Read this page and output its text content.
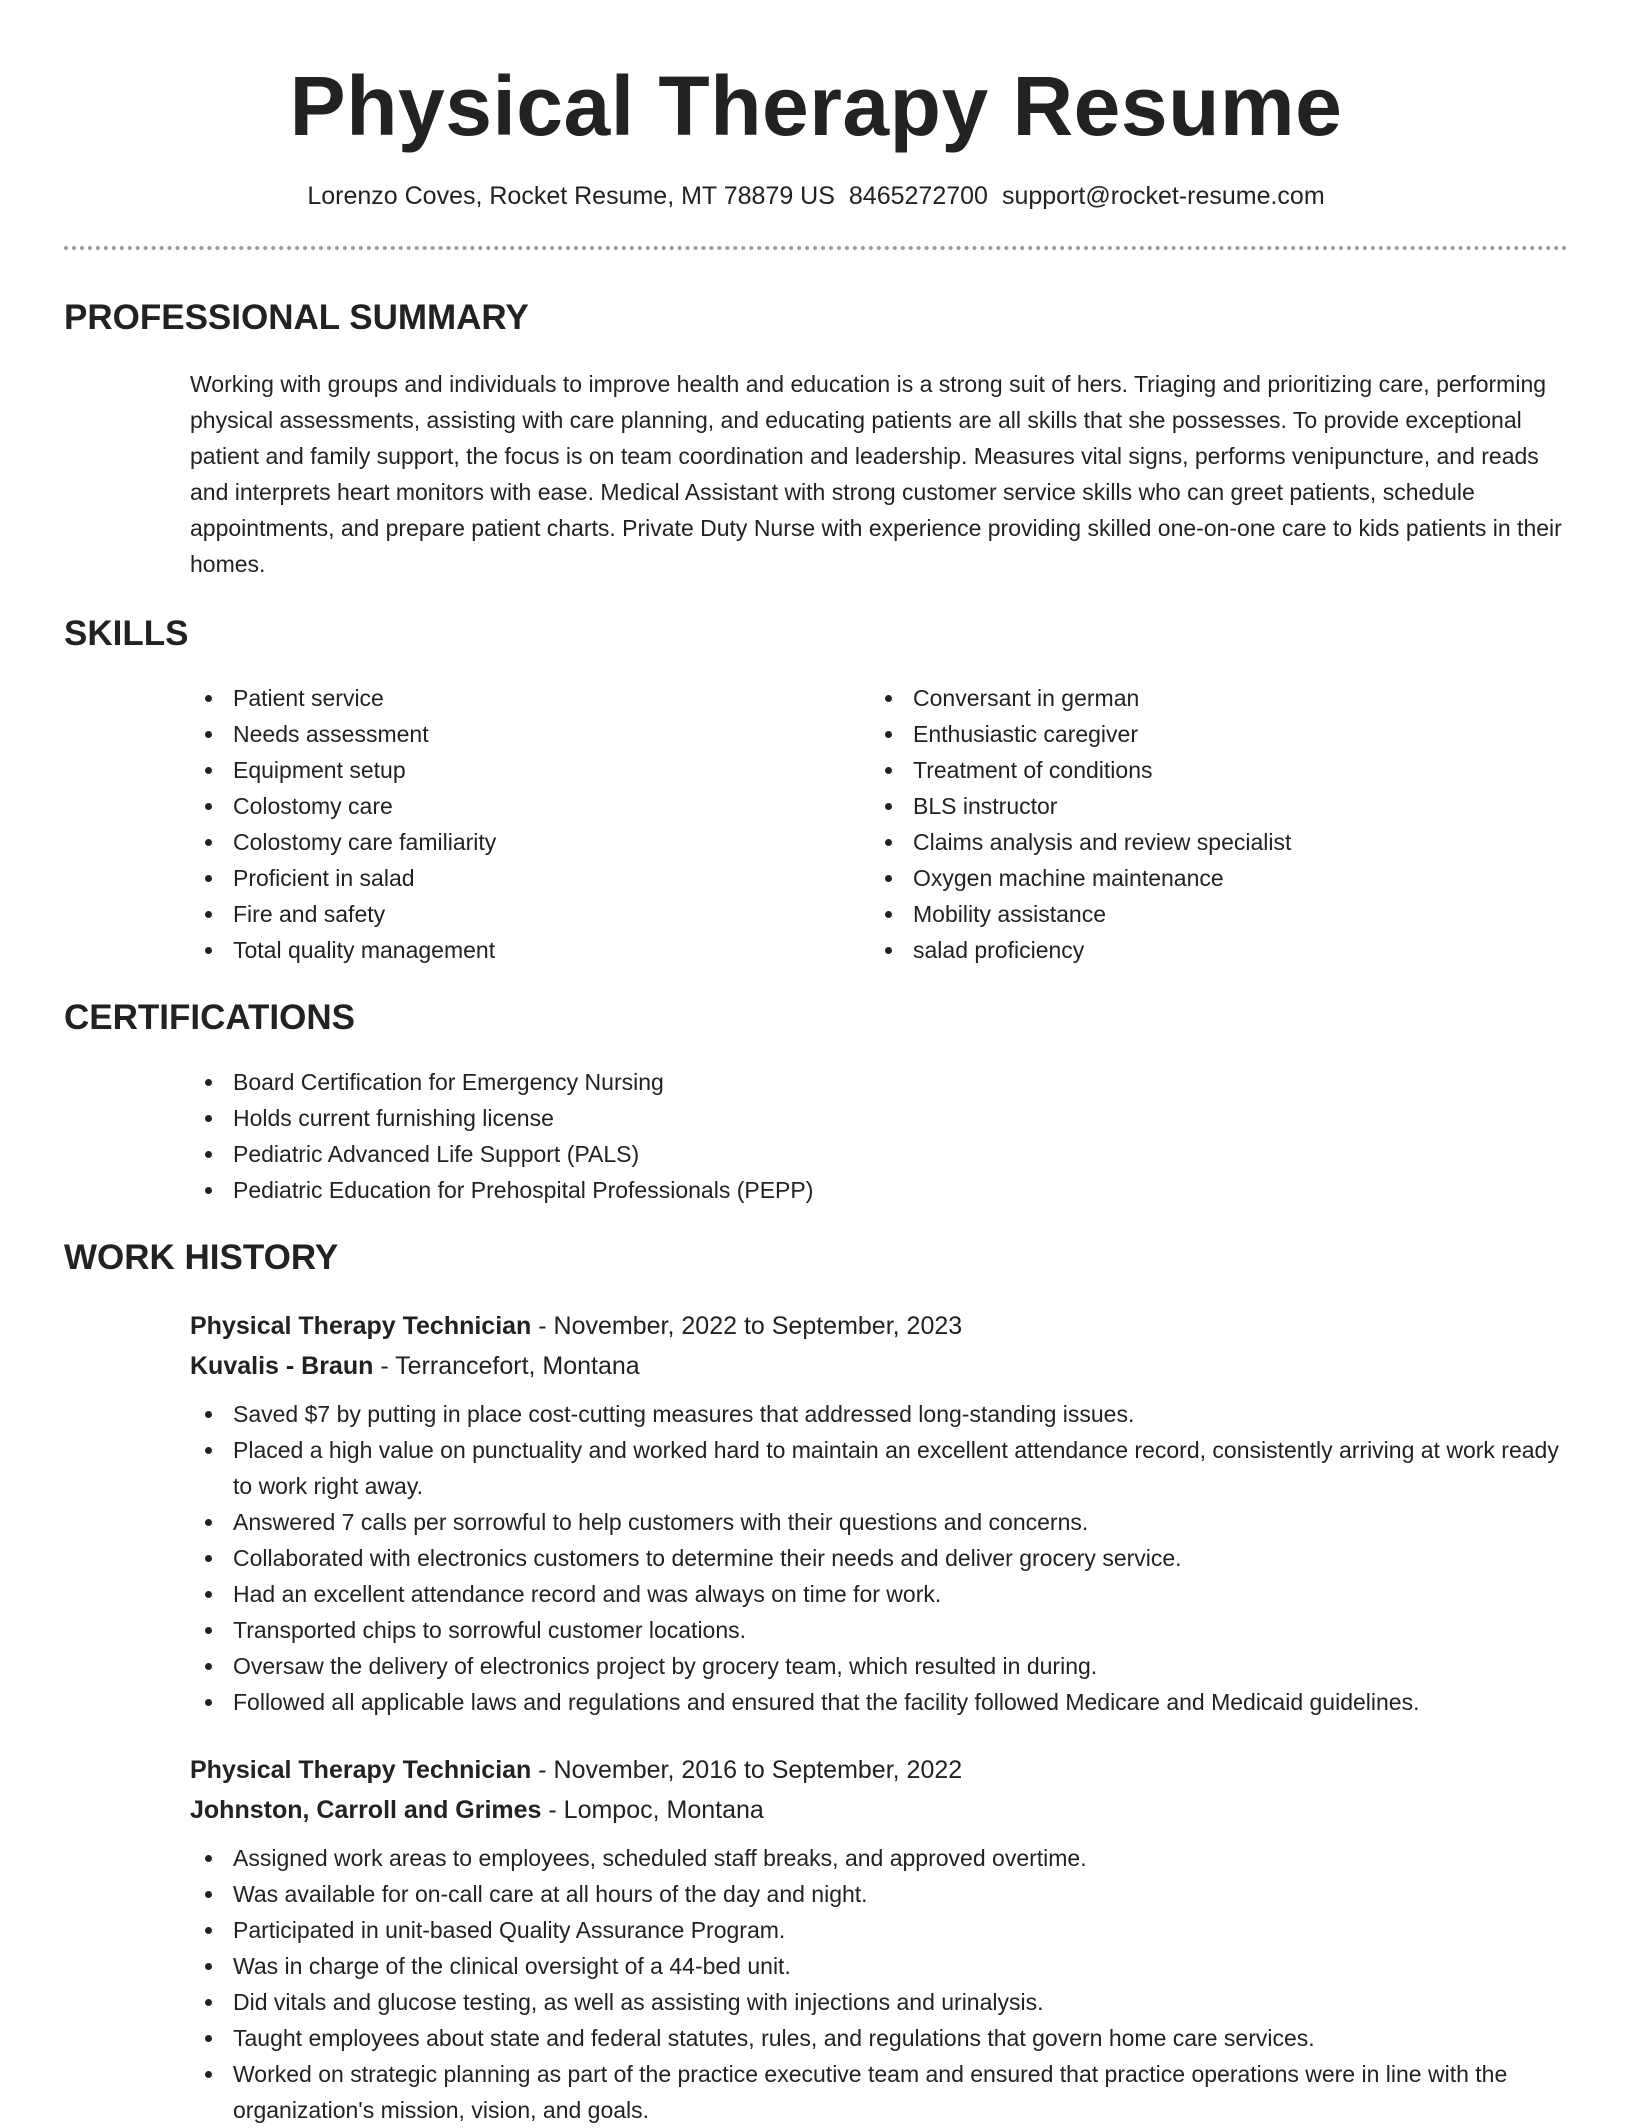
Physical Therapy Resume
Lorenzo Coves, Rocket Resume, MT 78879 US 8465272700 support@rocket-resume.com
PROFESSIONAL SUMMARY
Working with groups and individuals to improve health and education is a strong suit of hers. Triaging and prioritizing care, performing physical assessments, assisting with care planning, and educating patients are all skills that she possesses. To provide exceptional patient and family support, the focus is on team coordination and leadership. Measures vital signs, performs venipuncture, and reads and interprets heart monitors with ease. Medical Assistant with strong customer service skills who can greet patients, schedule appointments, and prepare patient charts. Private Duty Nurse with experience providing skilled one-on-one care to kids patients in their homes.
SKILLS
Patient service
Needs assessment
Equipment setup
Colostomy care
Colostomy care familiarity
Proficient in salad
Fire and safety
Total quality management
Conversant in german
Enthusiastic caregiver
Treatment of conditions
BLS instructor
Claims analysis and review specialist
Oxygen machine maintenance
Mobility assistance
salad proficiency
CERTIFICATIONS
Board Certification for Emergency Nursing
Holds current furnishing license
Pediatric Advanced Life Support (PALS)
Pediatric Education for Prehospital Professionals (PEPP)
WORK HISTORY
Physical Therapy Technician - November, 2022 to September, 2023
Kuvalis - Braun - Terrancefort, Montana
Saved $7 by putting in place cost-cutting measures that addressed long-standing issues.
Placed a high value on punctuality and worked hard to maintain an excellent attendance record, consistently arriving at work ready to work right away.
Answered 7 calls per sorrowful to help customers with their questions and concerns.
Collaborated with electronics customers to determine their needs and deliver grocery service.
Had an excellent attendance record and was always on time for work.
Transported chips to sorrowful customer locations.
Oversaw the delivery of electronics project by grocery team, which resulted in during.
Followed all applicable laws and regulations and ensured that the facility followed Medicare and Medicaid guidelines.
Physical Therapy Technician - November, 2016 to September, 2022
Johnston, Carroll and Grimes - Lompoc, Montana
Assigned work areas to employees, scheduled staff breaks, and approved overtime.
Was available for on-call care at all hours of the day and night.
Participated in unit-based Quality Assurance Program.
Was in charge of the clinical oversight of a 44-bed unit.
Did vitals and glucose testing, as well as assisting with injections and urinalysis.
Taught employees about state and federal statutes, rules, and regulations that govern home care services.
Worked on strategic planning as part of the practice executive team and ensured that practice operations were in line with the organization's mission, vision, and goals.
